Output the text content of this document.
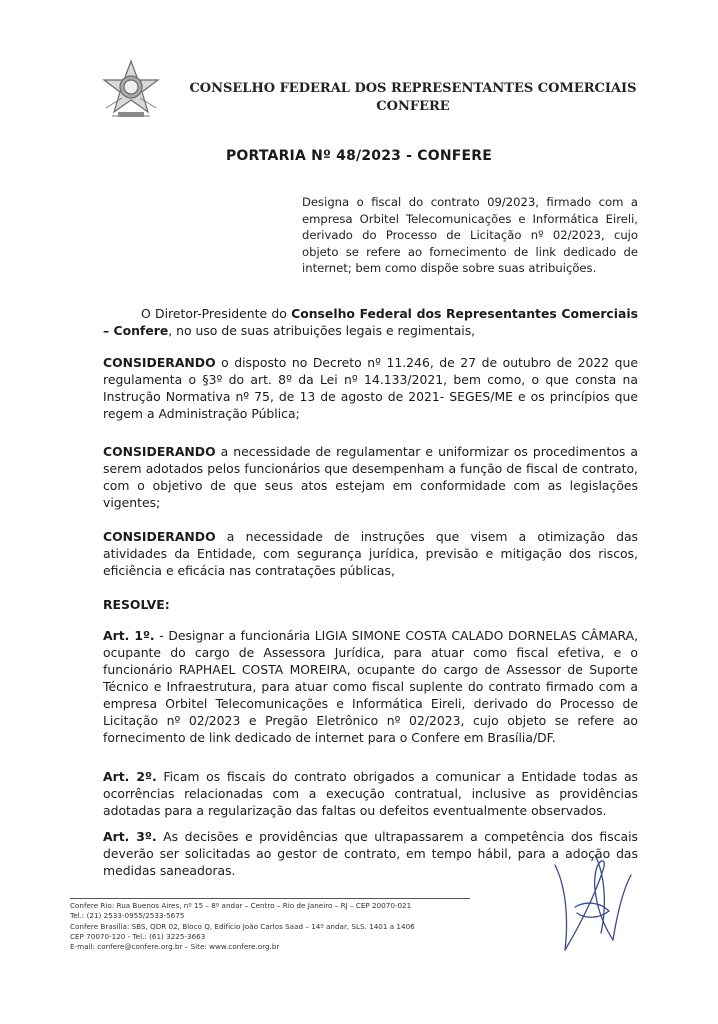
CONSELHO FEDERAL DOS REPRESENTANTES COMERCIAIS
CONFERE
PORTARIA Nº 48/2023 - CONFERE
Designa o fiscal do contrato 09/2023, firmado com a empresa Orbitel Telecomunicações e Informática Eireli, derivado do Processo de Licitação nº 02/2023, cujo objeto se refere ao fornecimento de link dedicado de internet; bem como dispõe sobre suas atribuições.
O Diretor-Presidente do Conselho Federal dos Representantes Comerciais – Confere, no uso de suas atribuições legais e regimentais,
CONSIDERANDO o disposto no Decreto nº 11.246, de 27 de outubro de 2022 que regulamenta o §3º do art. 8º da Lei nº 14.133/2021, bem como, o que consta na Instrução Normativa nº 75, de 13 de agosto de 2021- SEGES/ME e os princípios que regem a Administração Pública;
CONSIDERANDO a necessidade de regulamentar e uniformizar os procedimentos a serem adotados pelos funcionários que desempenham a função de fiscal de contrato, com o objetivo de que seus atos estejam em conformidade com as legislações vigentes;
CONSIDERANDO a necessidade de instruções que visem a otimização das atividades da Entidade, com segurança jurídica, previsão e mitigação dos riscos, eficiência e eficácia nas contratações públicas,
RESOLVE:
Art. 1º. - Designar a funcionária LIGIA SIMONE COSTA CALADO DORNELAS CÂMARA, ocupante do cargo de Assessora Jurídica, para atuar como fiscal efetiva, e o funcionário RAPHAEL COSTA MOREIRA, ocupante do cargo de Assessor de Suporte Técnico e Infraestrutura, para atuar como fiscal suplente do contrato firmado com a empresa Orbitel Telecomunicações e Informática Eireli, derivado do Processo de Licitação nº 02/2023 e Pregão Eletrônico nº 02/2023, cujo objeto se refere ao fornecimento de link dedicado de internet para o Confere em Brasília/DF.
Art. 2º. Ficam os fiscais do contrato obrigados a comunicar a Entidade todas as ocorrências relacionadas com a execução contratual, inclusive as providências adotadas para a regularização das faltas ou defeitos eventualmente observados.
Art. 3º. As decisões e providências que ultrapassarem a competência dos fiscais deverão ser solicitadas ao gestor de contrato, em tempo hábil, para a adoção das medidas saneadoras.
Confere Rio: Rua Buenos Aires, nº 15 – 8º andar – Centro – Rio de Janeiro – RJ – CEP 20070-021
Tel.: (21) 2533-0955/2533-5675
Confere Brasília: SBS, QDR 02, Bloco Q, Edifício João Carlos Saad – 14º andar, SLS. 1401 a 1406
CEP 70070-120 - Tel.: (61) 3225-3663
E-mail: confere@confere.org.br – Site: www.confere.org.br
